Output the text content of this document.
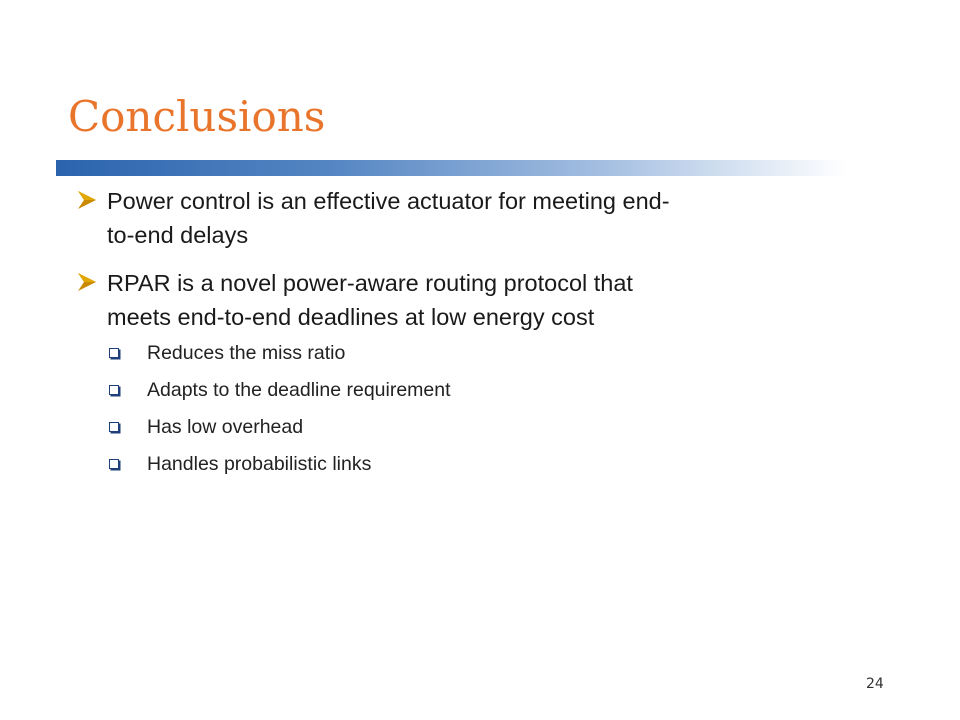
Conclusions
Power control is an effective actuator for meeting end-
to-end delays
RPAR is a novel power-aware routing protocol that
meets end-to-end deadlines at low energy cost
Reduces the miss ratio
Adapts to the deadline requirement
Has low overhead
Handles probabilistic links
24
